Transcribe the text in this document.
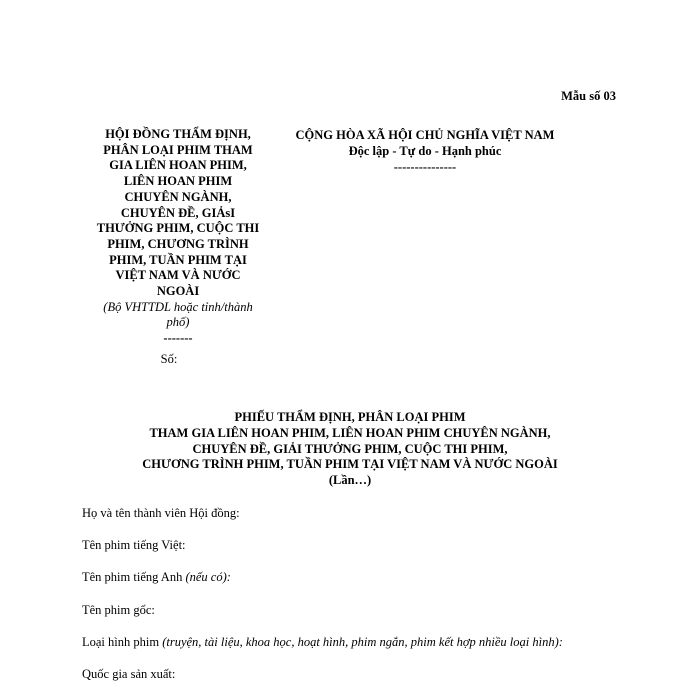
Mẫu số 03
HỘI ĐỒNG THẨM ĐỊNH,
PHÂN LOẠI PHIM THAM
GIA LIÊN HOAN PHIM,
LIÊN HOAN PHIM
CHUYÊN NGÀNH,
CHUYÊN ĐỀ, GIẢsI
THƯỞNG PHIM, CUỘC THI
PHIM, CHƯƠNG TRÌNH
PHIM, TUẦN PHIM TẠI
VIỆT NAM VÀ NƯỚC
NGOÀI
(Bộ VHTTDL hoặc tỉnh/thành
phố)
-------
Số:
CỘNG HÒA XÃ HỘI CHỦ NGHĨA VIỆT NAM
Độc lập - Tự do - Hạnh phúc
---------------
PHIẾU THẨM ĐỊNH, PHÂN LOẠI PHIM
THAM GIA LIÊN HOAN PHIM, LIÊN HOAN PHIM CHUYÊN NGÀNH,
CHUYÊN ĐỀ, GIẢI THƯỞNG PHIM, CUỘC THI PHIM,
CHƯƠNG TRÌNH PHIM, TUẦN PHIM TẠI VIỆT NAM VÀ NƯỚC NGOÀI
(Lần…)
Họ và tên thành viên Hội đồng:
Tên phim tiếng Việt:
Tên phim tiếng Anh (nếu có):
Tên phim gốc:
Loại hình phim (truyện, tài liệu, khoa học, hoạt hình, phim ngắn, phim kết hợp nhiều loại hình):
Quốc gia sản xuất:
